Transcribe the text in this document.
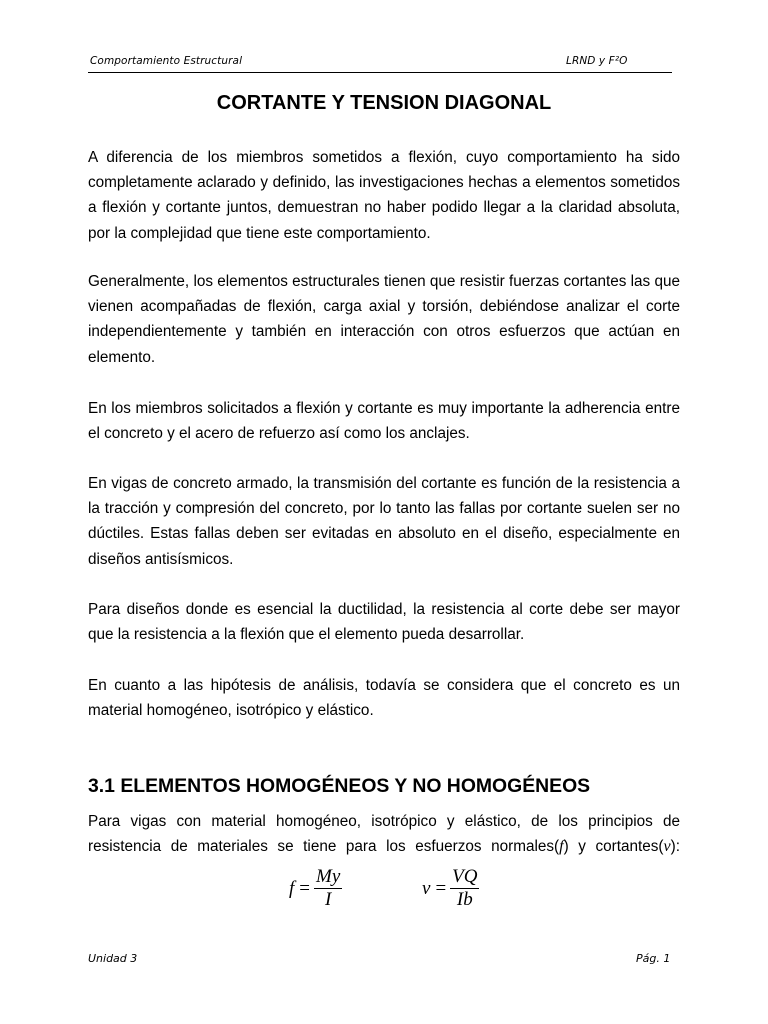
Comportamiento Estructural	LRND y F²O
CORTANTE Y TENSION DIAGONAL

A diferencia de los miembros sometidos a flexión, cuyo comportamiento ha sido completamente aclarado y definido, las investigaciones hechas a elementos sometidos a flexión y cortante juntos, demuestran no haber podido llegar a la claridad absoluta, por la complejidad que tiene este comportamiento.

Generalmente, los elementos estructurales tienen que resistir fuerzas cortantes las que vienen acompañadas de flexión, carga axial y torsión, debiéndose analizar el corte independientemente y también en interacción con otros esfuerzos que actúan en elemento.

En los miembros solicitados a flexión y cortante es muy importante la adherencia entre el concreto y el acero de refuerzo así como los anclajes.

En vigas de concreto armado, la transmisión del cortante es función de la resistencia a la tracción y compresión del concreto, por lo tanto las fallas por cortante suelen ser no dúctiles. Estas fallas deben ser evitadas en absoluto en el diseño, especialmente en diseños antisísmicos.

Para diseños donde es esencial la ductilidad, la resistencia al corte debe ser mayor que la resistencia a la flexión que el elemento pueda desarrollar.

En cuanto a las hipótesis de análisis, todavía se considera que el concreto es un material homogéneo, isotrópico y elástico.

3.1 ELEMENTOS HOMOGÉNEOS Y NO HOMOGÉNEOS

Para vigas con material homogéneo, isotrópico y elástico, de los principios de resistencia de materiales se tiene para los esfuerzos normales(f) y cortantes(v):

$f = \frac{My}{I}$	$v = \frac{VQ}{Ib}$
Unidad 3	Pág. 1
